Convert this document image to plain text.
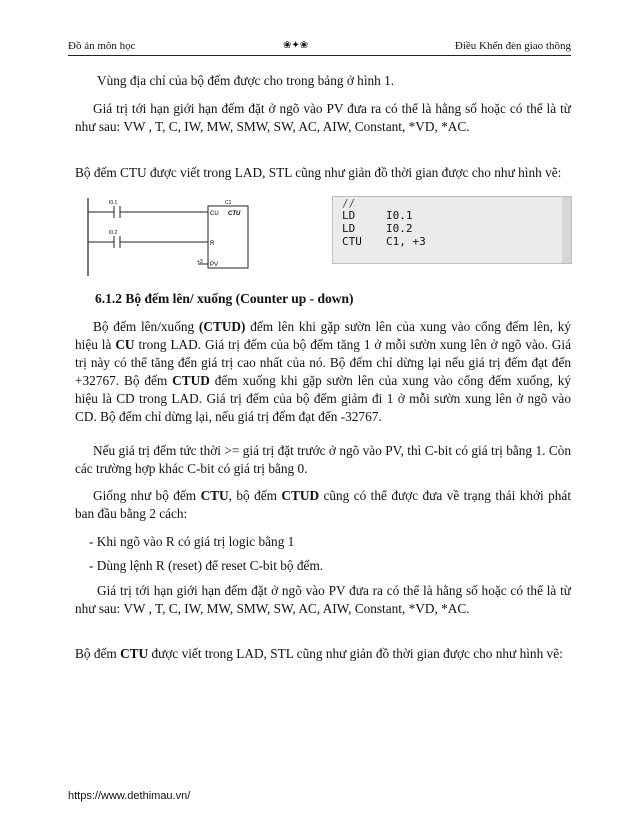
Đồ án môn học	❀✦❀	Điều Khển đèn giao thông

Vùng địa chỉ của bộ đếm được cho trong bảng ở hình 1.

Giá trị tới hạn giới hạn đếm đặt ở ngõ vào PV đưa ra có thể là hằng số hoặc có thể là từ như sau: VW , T, C, IW, MW, SMW, SW, AC, AIW, Constant, *VD, *AC.

Bộ đếm CTU được viết trong LAD, STL cũng như giản đồ thời gian được cho như hình vẽ:

I0.1
I0.2
C1
CU CTU
R
+3 PV
//
LD	I0.1
LD	I0.2
CTU C1, +3

6.1.2 Bộ đếm lên/ xuống (Counter up - down)

Bộ đếm lên/xuống (CTUD) đếm lên khi gặp sườn lên của xung vào cổng đếm lên, ký hiệu là CU trong LAD. Giá trị đếm của bộ đếm tăng 1 ở mỗi sườn xung lên ở ngõ vào. Giá trị này có thể tăng đến giá trị cao nhất của nó. Bộ đếm chỉ dừng lại nếu giá trị đếm đạt đến +32767. Bộ đếm CTUD đếm xuống khi gặp sườn lên của xung vào cổng đếm xuống, ký hiệu là CD trong LAD. Giá trị đếm của bộ đếm giảm đi 1 ở mỗi sườn xung lên ở ngõ vào CD. Bộ đếm chỉ dừng lại, nếu giá trị đếm đạt đến -32767.

Nếu giá trị đếm tức thời >= giá trị đặt trước ở ngõ vào PV, thì C-bit có giá trị bằng 1. Còn các trường hợp khác C-bit có giá trị bằng 0.

Giống như bộ đếm CTU, bộ đếm CTUD cũng có thể được đưa về trạng thái khởi phát ban đầu bằng 2 cách:

- Khi ngõ vào R có giá trị logic bằng 1

- Dùng lệnh R (reset) để reset C-bit bộ đếm.

Giá trị tới hạn giới hạn đếm đặt ở ngõ vào PV đưa ra có thể là hằng số hoặc có thể là từ như sau: VW , T, C, IW, MW, SMW, SW, AC, AIW, Constant, *VD, *AC.

Bộ đếm CTU được viết trong LAD, STL cũng như giản đồ thời gian được cho như hình vẽ:

https://www.dethimau.vn/
